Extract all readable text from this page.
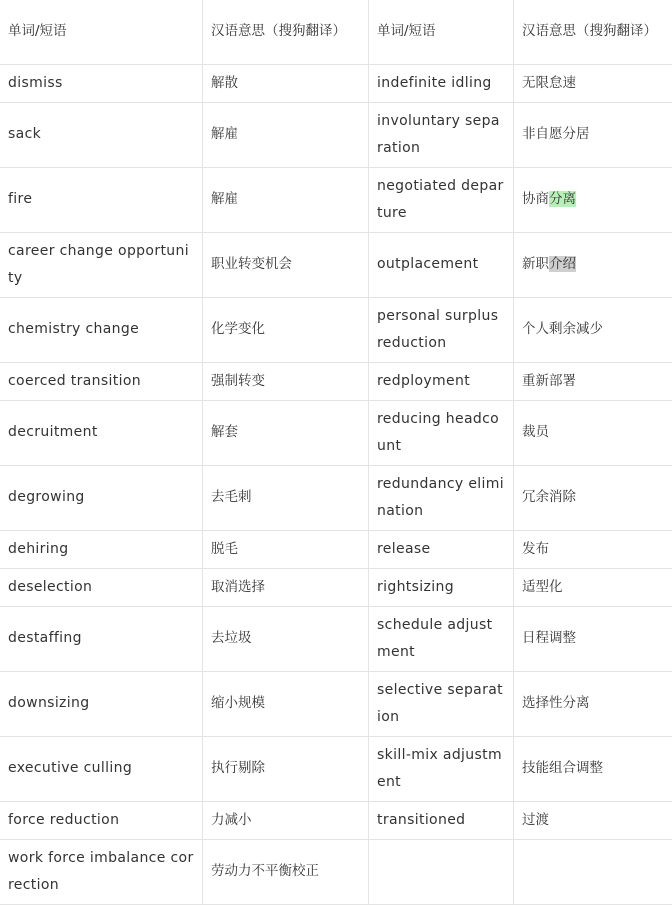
单词/短语	汉语意思（搜狗翻译）	单词/短语	汉语意思（搜狗翻译）
dismiss	解散	indefinite idling	无限怠速
sack	解雇	involuntary separation	非自愿分居
fire	解雇	negotiated departure	协商分离
career change opportunity	职业转变机会	outplacement	新职介绍
chemistry change	化学变化	personal surplus reduction	个人剩余减少
coerced transition	强制转变	redployment	重新部署
decruitment	解套	reducing headcount	裁员
degrowing	去毛刺	redundancy elimination	冗余消除
dehiring	脱毛	release	发布
deselection	取消选择	rightsizing	适型化
destaffing	去垃圾	schedule adjustment	日程调整
downsizing	缩小规模	selective separation	选择性分离
executive culling	执行剔除	skill-mix adjustment	技能组合调整
force reduction	力减小	transitioned	过渡
work force imbalance correction	劳动力不平衡校正		
